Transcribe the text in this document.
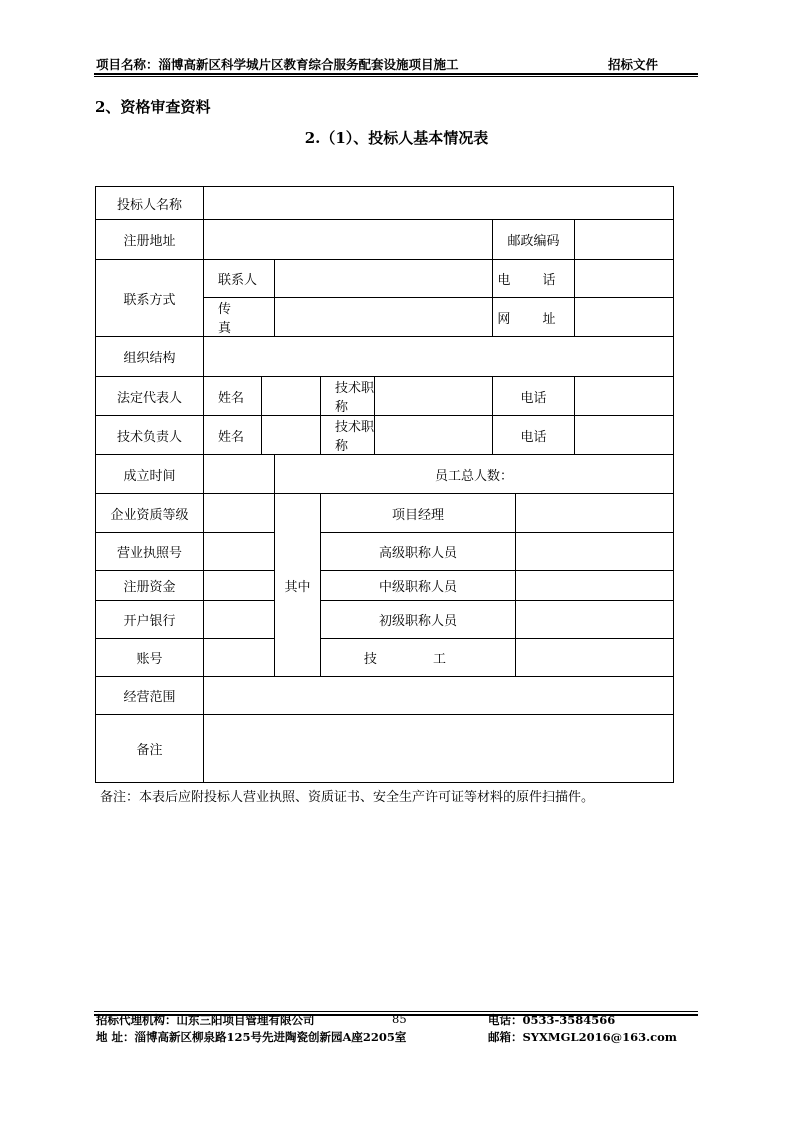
项目名称：淄博高新区科学城片区教育综合服务配套设施项目施工	招标文件
2、资格审查资料
2.（1）、投标人基本情况表
投标人名称								
注册地址						邮政编码		
联系方式	联系人					电 话		
	传 真					网 址		
组织结构								
法定代表人	姓名			技术职称		电话		
技术负责人	姓名			技术职称		电话		
成立时间			员工总人数：					
企业资质等级			其中	项目经理				
营业执照号				高级职称人员				
注册资金				中级职称人员				
开户银行				初级职称人员				
账号				技 工				
经营范围								
备注								
备注：本表后应附投标人营业执照、资质证书、安全生产许可证等材料的原件扫描件。
招标代理机构：山东三阳项目管理有限公司	85	电话：0533-3584566
地 址：淄博高新区柳泉路125号先进陶瓷创新园A座2205室	邮箱：SYXMGL2016@163.com
